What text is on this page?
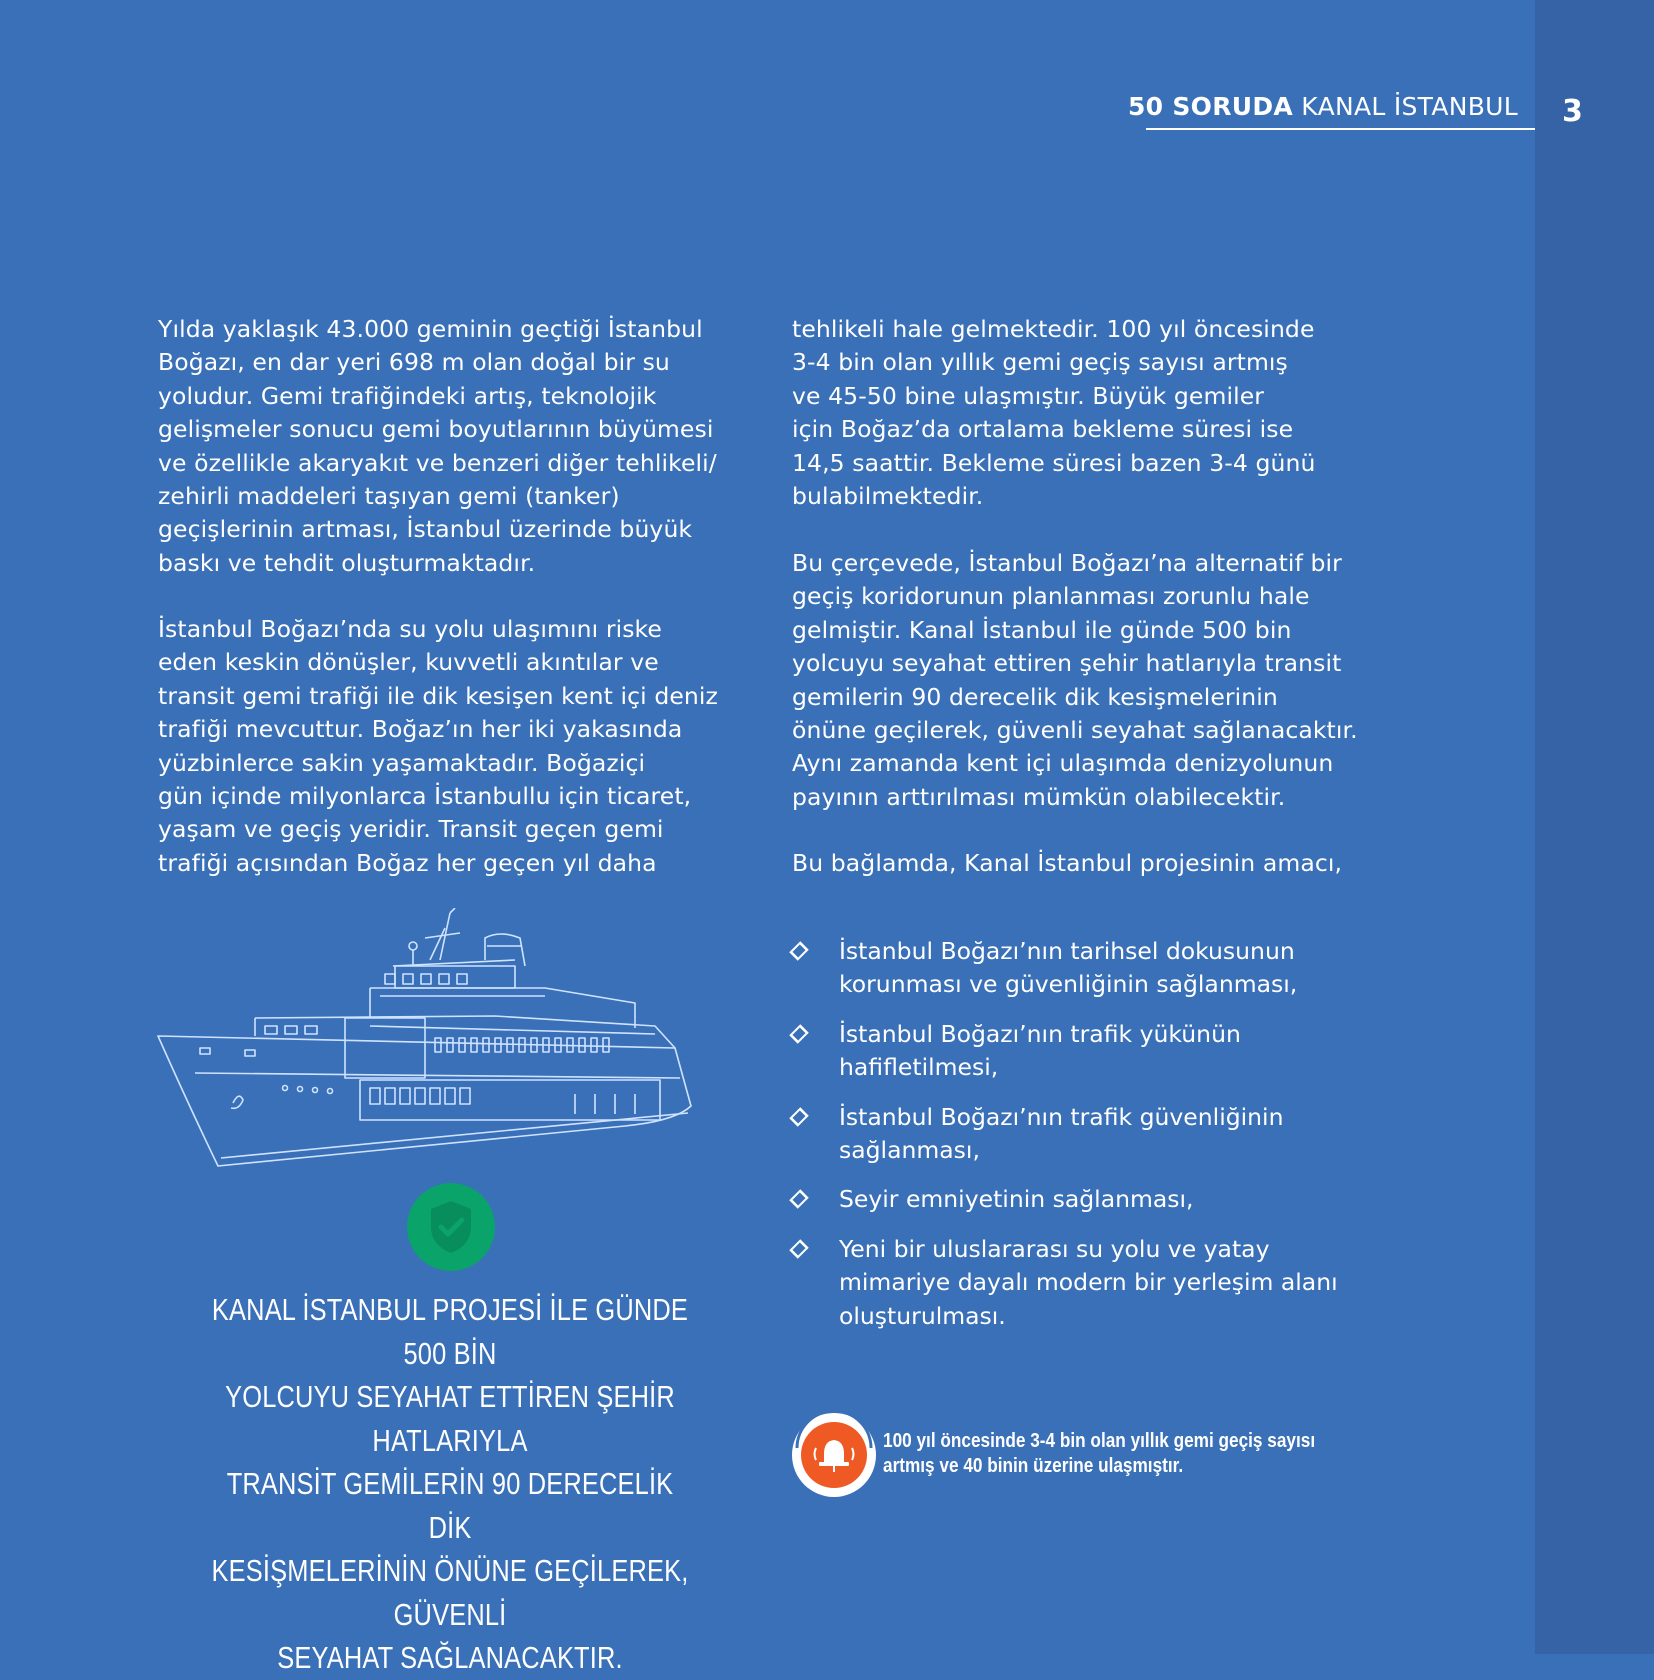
50 SORUDA KANAL İSTANBUL 3

Yılda yaklaşık 43.000 geminin geçtiği İstanbul
Boğazı, en dar yeri 698 m olan doğal bir su
yoludur. Gemi trafiğindeki artış, teknolojik
gelişmeler sonucu gemi boyutlarının büyümesi
ve özellikle akaryakıt ve benzeri diğer tehlikeli/
zehirli maddeleri taşıyan gemi (tanker)
geçişlerinin artması, İstanbul üzerinde büyük
baskı ve tehdit oluşturmaktadır.

İstanbul Boğazı’nda su yolu ulaşımını riske
eden keskin dönüşler, kuvvetli akıntılar ve
transit gemi trafiği ile dik kesişen kent içi deniz
trafiği mevcuttur. Boğaz’ın her iki yakasında
yüzbinlerce sakin yaşamaktadır. Boğaziçi
gün içinde milyonlarca İstanbullu için ticaret,
yaşam ve geçiş yeridir. Transit geçen gemi
trafiği açısından Boğaz her geçen yıl daha

tehlikeli hale gelmektedir. 100 yıl öncesinde
3-4 bin olan yıllık gemi geçiş sayısı artmış
ve 45-50 bine ulaşmıştır. Büyük gemiler
için Boğaz’da ortalama bekleme süresi ise
14,5 saattir. Bekleme süresi bazen 3-4 günü
bulabilmektedir.

Bu çerçevede, İstanbul Boğazı’na alternatif bir
geçiş koridorunun planlanması zorunlu hale
gelmiştir. Kanal İstanbul ile günde 500 bin
yolcuyu seyahat ettiren şehir hatlarıyla transit
gemilerin 90 derecelik dik kesişmelerinin
önüne geçilerek, güvenli seyahat sağlanacaktır.
Aynı zamanda kent içi ulaşımda denizyolunun
payının arttırılması mümkün olabilecektir.

Bu bağlamda, Kanal İstanbul projesinin amacı,

İstanbul Boğazı’nın tarihsel dokusunun
korunması ve güvenliğinin sağlanması,
İstanbul Boğazı’nın trafik yükünün
hafifletilmesi,
İstanbul Boğazı’nın trafik güvenliğinin
sağlanması,
Seyir emniyetinin sağlanması,
Yeni bir uluslararası su yolu ve yatay
mimariye dayalı modern bir yerleşim alanı
oluşturulması.

KANAL İSTANBUL PROJESİ İLE GÜNDE 500 BİN
YOLCUYU SEYAHAT ETTİREN ŞEHİR HATLARIYLA
TRANSİT GEMİLERİN 90 DERECELİK DİK
KESİŞMELERİNİN ÖNÜNE GEÇİLEREK, GÜVENLİ
SEYAHAT SAĞLANACAKTIR.

100 yıl öncesinde 3-4 bin olan yıllık gemi geçiş sayısı
artmış ve 40 binin üzerine ulaşmıştır.
